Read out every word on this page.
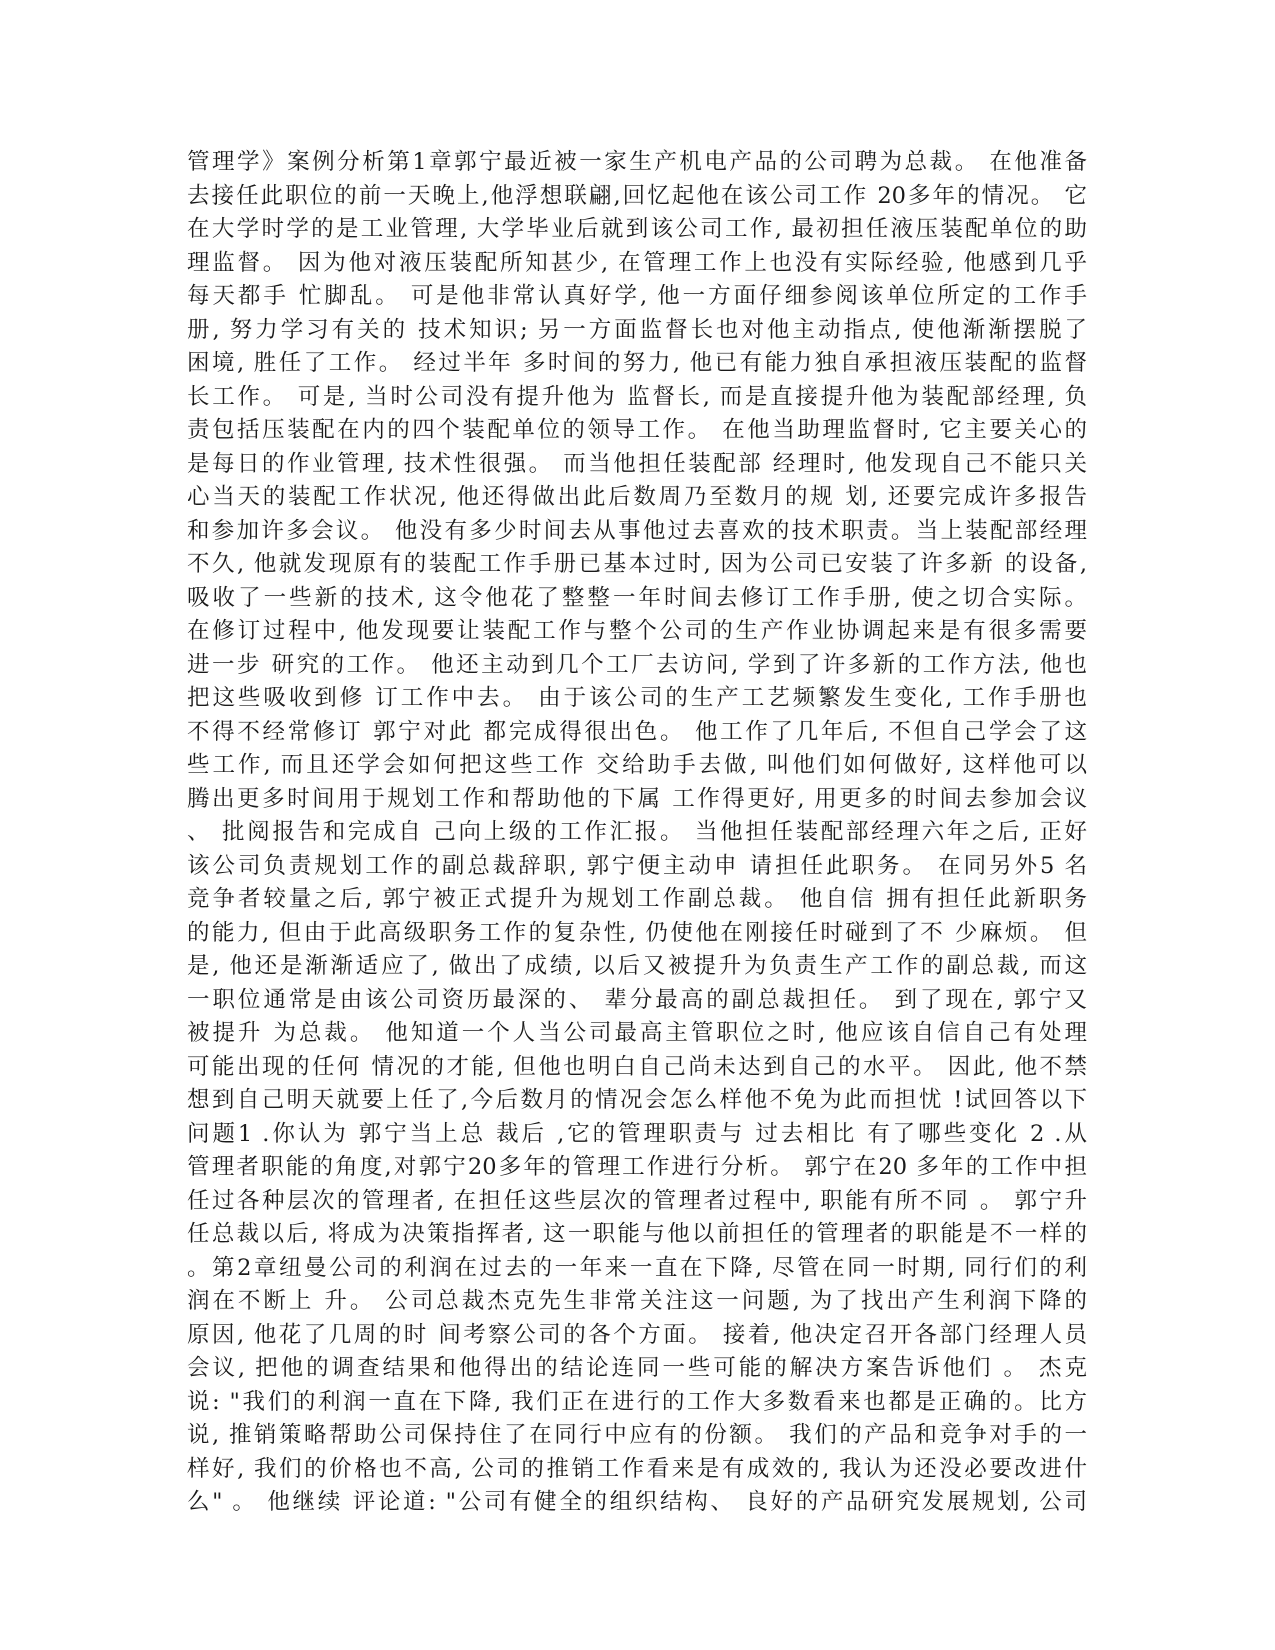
管理学》案例分析第1章郭宁最近被一家生产机电产品的公司聘为总裁。 在他准备
去接任此职位的前一天晚上,他浮想联翩,回忆起他在该公司工作 20多年的情况。 它
在大学时学的是工业管理, 大学毕业后就到该公司工作, 最初担任液压装配单位的助
理监督。 因为他对液压装配所知甚少, 在管理工作上也没有实际经验, 他感到几乎
每天都手 忙脚乱。 可是他非常认真好学, 他一方面仔细参阅该单位所定的工作手
册, 努力学习有关的 技术知识; 另一方面监督长也对他主动指点, 使他渐渐摆脱了
困境, 胜任了工作。 经过半年 多时间的努力, 他已有能力独自承担液压装配的监督
长工作。 可是, 当时公司没有提升他为 监督长, 而是直接提升他为装配部经理, 负
责包括压装配在内的四个装配单位的领导工作。 在他当助理监督时, 它主要关心的
是每日的作业管理, 技术性很强。 而当他担任装配部 经理时, 他发现自己不能只关
心当天的装配工作状况, 他还得做出此后数周乃至数月的规 划, 还要完成许多报告
和参加许多会议。 他没有多少时间去从事他过去喜欢的技术职责。当上装配部经理
不久, 他就发现原有的装配工作手册已基本过时, 因为公司已安装了许多新 的设备,
吸收了一些新的技术, 这令他花了整整一年时间去修订工作手册, 使之切合实际。
在修订过程中, 他发现要让装配工作与整个公司的生产作业协调起来是有很多需要
进一步 研究的工作。 他还主动到几个工厂去访问, 学到了许多新的工作方法, 他也
把这些吸收到修 订工作中去。 由于该公司的生产工艺频繁发生变化, 工作手册也
不得不经常修订 郭宁对此 都完成得很出色。 他工作了几年后, 不但自己学会了这
些工作, 而且还学会如何把这些工作 交给助手去做, 叫他们如何做好, 这样他可以
腾出更多时间用于规划工作和帮助他的下属 工作得更好, 用更多的时间去参加会议
、 批阅报告和完成自 己向上级的工作汇报。 当他担任装配部经理六年之后, 正好
该公司负责规划工作的副总裁辞职, 郭宁便主动申 请担任此职务。 在同另外5 名
竞争者较量之后, 郭宁被正式提升为规划工作副总裁。 他自信 拥有担任此新职务
的能力, 但由于此高级职务工作的复杂性, 仍使他在刚接任时碰到了不 少麻烦。 但
是, 他还是渐渐适应了, 做出了成绩, 以后又被提升为负责生产工作的副总裁, 而这
一职位通常是由该公司资历最深的、 辈分最高的副总裁担任。 到了现在, 郭宁又
被提升 为总裁。 他知道一个人当公司最高主管职位之时, 他应该自信自己有处理
可能出现的任何 情况的才能, 但他也明白自己尚未达到自己的水平。 因此, 他不禁
想到自己明天就要上任了,今后数月的情况会怎么样他不免为此而担忧 !试回答以下
问题1 .你认为 郭宁当上总 裁后 ,它的管理职责与 过去相比 有了哪些变化 2 .从
管理者职能的角度,对郭宁20多年的管理工作进行分析。 郭宁在20 多年的工作中担
任过各种层次的管理者, 在担任这些层次的管理者过程中, 职能有所不同 。 郭宁升
任总裁以后, 将成为决策指挥者, 这一职能与他以前担任的管理者的职能是不一样的
。第2章纽曼公司的利润在过去的一年来一直在下降, 尽管在同一时期, 同行们的利
润在不断上 升。 公司总裁杰克先生非常关注这一问题, 为了找出产生利润下降的
原因, 他花了几周的时 间考察公司的各个方面。 接着, 他决定召开各部门经理人员
会议, 把他的调查结果和他得出的结论连同一些可能的解决方案告诉他们 。 杰克
说: "我们的利润一直在下降, 我们正在进行的工作大多数看来也都是正确的。比方
说, 推销策略帮助公司保持住了在同行中应有的份额。 我们的产品和竞争对手的一
样好, 我们的价格也不高, 公司的推销工作看来是有成效的, 我认为还没必要改进什
么" 。 他继续 评论道: "公司有健全的组织结构、 良好的产品研究发展规划, 公司
